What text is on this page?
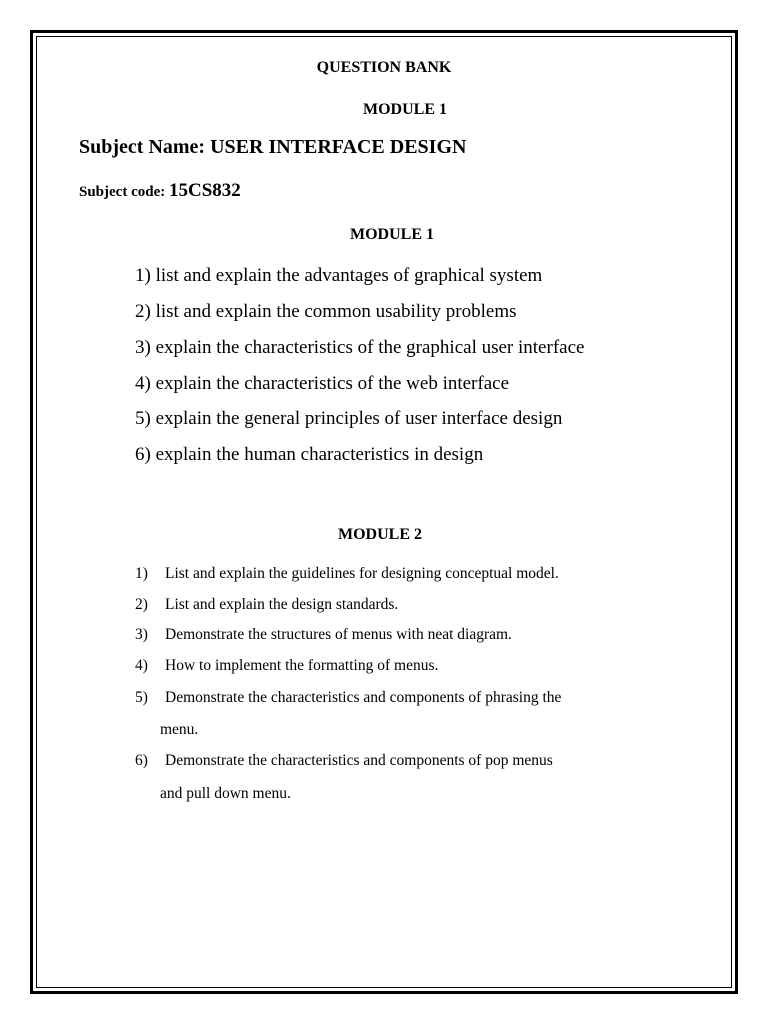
QUESTION BANK
MODULE 1
Subject Name: USER INTERFACE DESIGN
Subject code: 15CS832
MODULE 1
1) list and explain the advantages of graphical system
2) list and explain the common usability problems
3) explain the characteristics of the graphical user interface
4) explain the characteristics of the web interface
5) explain the general principles of user interface design
6) explain the human characteristics in design
MODULE 2
1) List and explain the guidelines for designing conceptual model.
2) List and explain the design standards.
3) Demonstrate the structures of menus with neat diagram.
4) How to implement the formatting of menus.
5) Demonstrate the characteristics and components of phrasing the
menu.
6) Demonstrate the characteristics and components of pop menus
and pull down menu.
